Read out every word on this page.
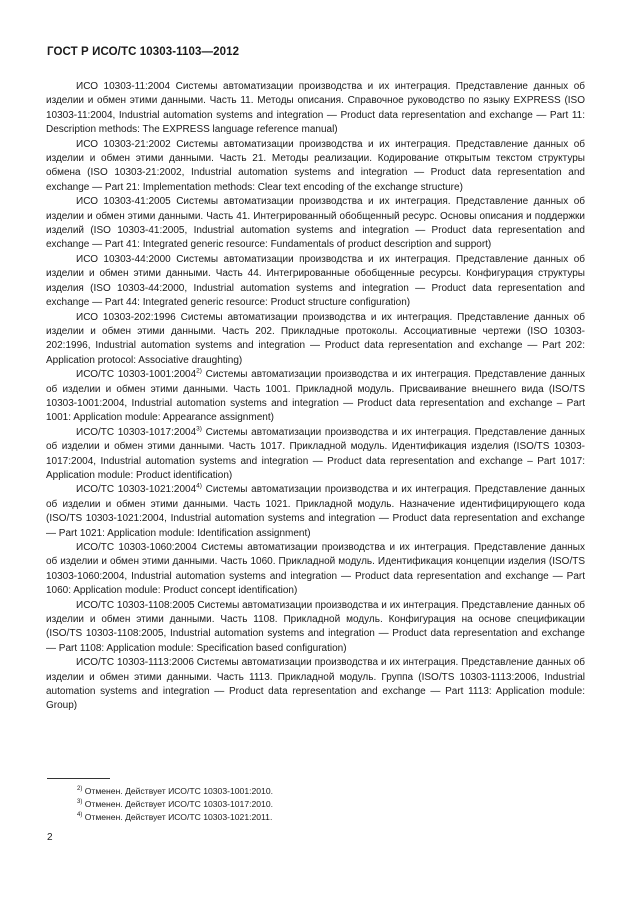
ГОСТ Р ИСО/ТС 10303-1103—2012

ИСО 10303-11:2004 Системы автоматизации производства и их интеграция. Представление данных об изделии и обмен этими данными. Часть 11. Методы описания. Справочное руководство по языку EXPRESS (ISO 10303-11:2004, Industrial automation systems and integration — Product data representation and exchange — Part 11: Description methods: The EXPRESS language reference manual)

ИСО 10303-21:2002 Системы автоматизации производства и их интеграция. Представление данных об изделии и обмен этими данными. Часть 21. Методы реализации. Кодирование открытым текстом структуры обмена (ISO 10303-21:2002, Industrial automation systems and integration — Product data representation and exchange — Part 21: Implementation methods: Clear text encoding of the exchange structure)

ИСО 10303-41:2005 Системы автоматизации производства и их интеграция. Представление данных об изделии и обмен этими данными. Часть 41. Интегрированный обобщенный ресурс. Основы описания и поддержки изделий (ISO 10303-41:2005, Industrial automation systems and integration — Product data representation and exchange — Part 41: Integrated generic resource: Fundamentals of product description and support)

ИСО 10303-44:2000 Системы автоматизации производства и их интеграция. Представление данных об изделии и обмен этими данными. Часть 44. Интегрированные обобщенные ресурсы. Конфигурация структуры изделия (ISO 10303-44:2000, Industrial automation systems and integration — Product data representation and exchange — Part 44: Integrated generic resource: Product structure configuration)

ИСО 10303-202:1996 Системы автоматизации производства и их интеграция. Представление данных об изделии и обмен этими данными. Часть 202. Прикладные протоколы. Ассоциативные чертежи (ISO 10303-202:1996, Industrial automation systems and integration — Product data representation and exchange — Part 202: Application protocol: Associative draughting)

ИСО/ТС 10303-1001:2004$^{2)}$ Системы автоматизации производства и их интеграция. Представление данных об изделии и обмен этими данными. Часть 1001. Прикладной модуль. Присваивание внешнего вида (ISO/TS 10303-1001:2004, Industrial automation systems and integration — Product data representation and exchange – Part 1001: Application module: Appearance assignment)

ИСО/ТС 10303-1017:2004$^{3)}$ Системы автоматизации производства и их интеграция. Представление данных об изделии и обмен этими данными. Часть 1017. Прикладной модуль. Идентификация изделия (ISO/TS 10303-1017:2004, Industrial automation systems and integration — Product data representation and exchange – Part 1017: Application module: Product identification)

ИСО/ТС 10303-1021:2004$^{4)}$ Системы автоматизации производства и их интеграция. Представление данных об изделии и обмен этими данными. Часть 1021. Прикладной модуль. Назначение идентифицирующего кода (ISO/TS 10303-1021:2004, Industrial automation systems and integration — Product data representation and exchange — Part 1021: Application module: Identification assignment)

ИСО/ТС 10303-1060:2004 Системы автоматизации производства и их интеграция. Представление данных об изделии и обмен этими данными. Часть 1060. Прикладной модуль. Идентификация концепции изделия (ISO/TS 10303-1060:2004, Industrial automation systems and integration — Product data representation and exchange — Part 1060: Application module: Product concept identification)

ИСО/ТС 10303-1108:2005 Системы автоматизации производства и их интеграция. Представление данных об изделии и обмен этими данными. Часть 1108. Прикладной модуль. Конфигурация на основе спецификации (ISO/TS 10303-1108:2005, Industrial automation systems and integration — Product data representation and exchange — Part 1108: Application module: Specification based configuration)

ИСО/ТС 10303-1113:2006 Системы автоматизации производства и их интеграция. Представление данных об изделии и обмен этими данными. Часть 1113. Прикладной модуль. Группа (ISO/TS 10303-1113:2006, Industrial automation systems and integration — Product data representation and exchange — Part 1113: Application module: Group)

$^{2)}$ Отменен. Действует ИСО/ТС 10303-1001:2010.

$^{3)}$ Отменен. Действует ИСО/ТС 10303-1017:2010.

$^{4)}$ Отменен. Действует ИСО/ТС 10303-1021:2011.

2
